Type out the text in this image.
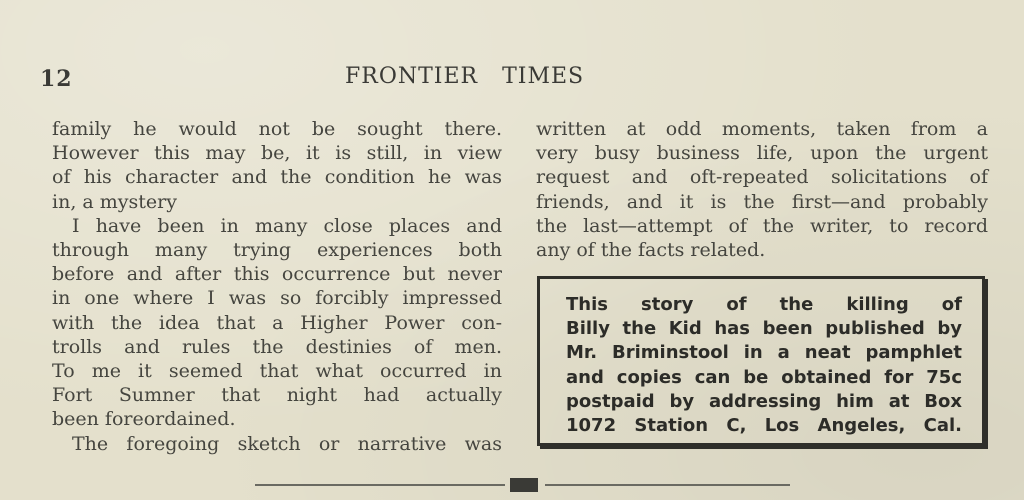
12	FRONTIER   TIMES
family he would not be sought there.
However this may be, it is still, in view
of his character and the condition he was
in, a mystery
I have been in many close places and
through many trying experiences both
before and after this occurrence but never
in one where I was so forcibly impressed
with the idea that a Higher Power con-
trolls and rules the destinies of men.
To me it seemed that what occurred in
Fort Sumner that night had actually
been foreordained.
The foregoing sketch or narrative was
written at odd moments, taken from a
very busy business life, upon the urgent
request and oft-repeated solicitations of
friends, and it is the first—and probably
the last—attempt of the writer, to record
any of the facts related.
This story of the killing of
Billy the Kid has been published by
Mr. Briminstool in a neat pamphlet
and copies can be obtained for 75c
postpaid by addressing him at Box
1072 Station C, Los Angeles, Cal.
